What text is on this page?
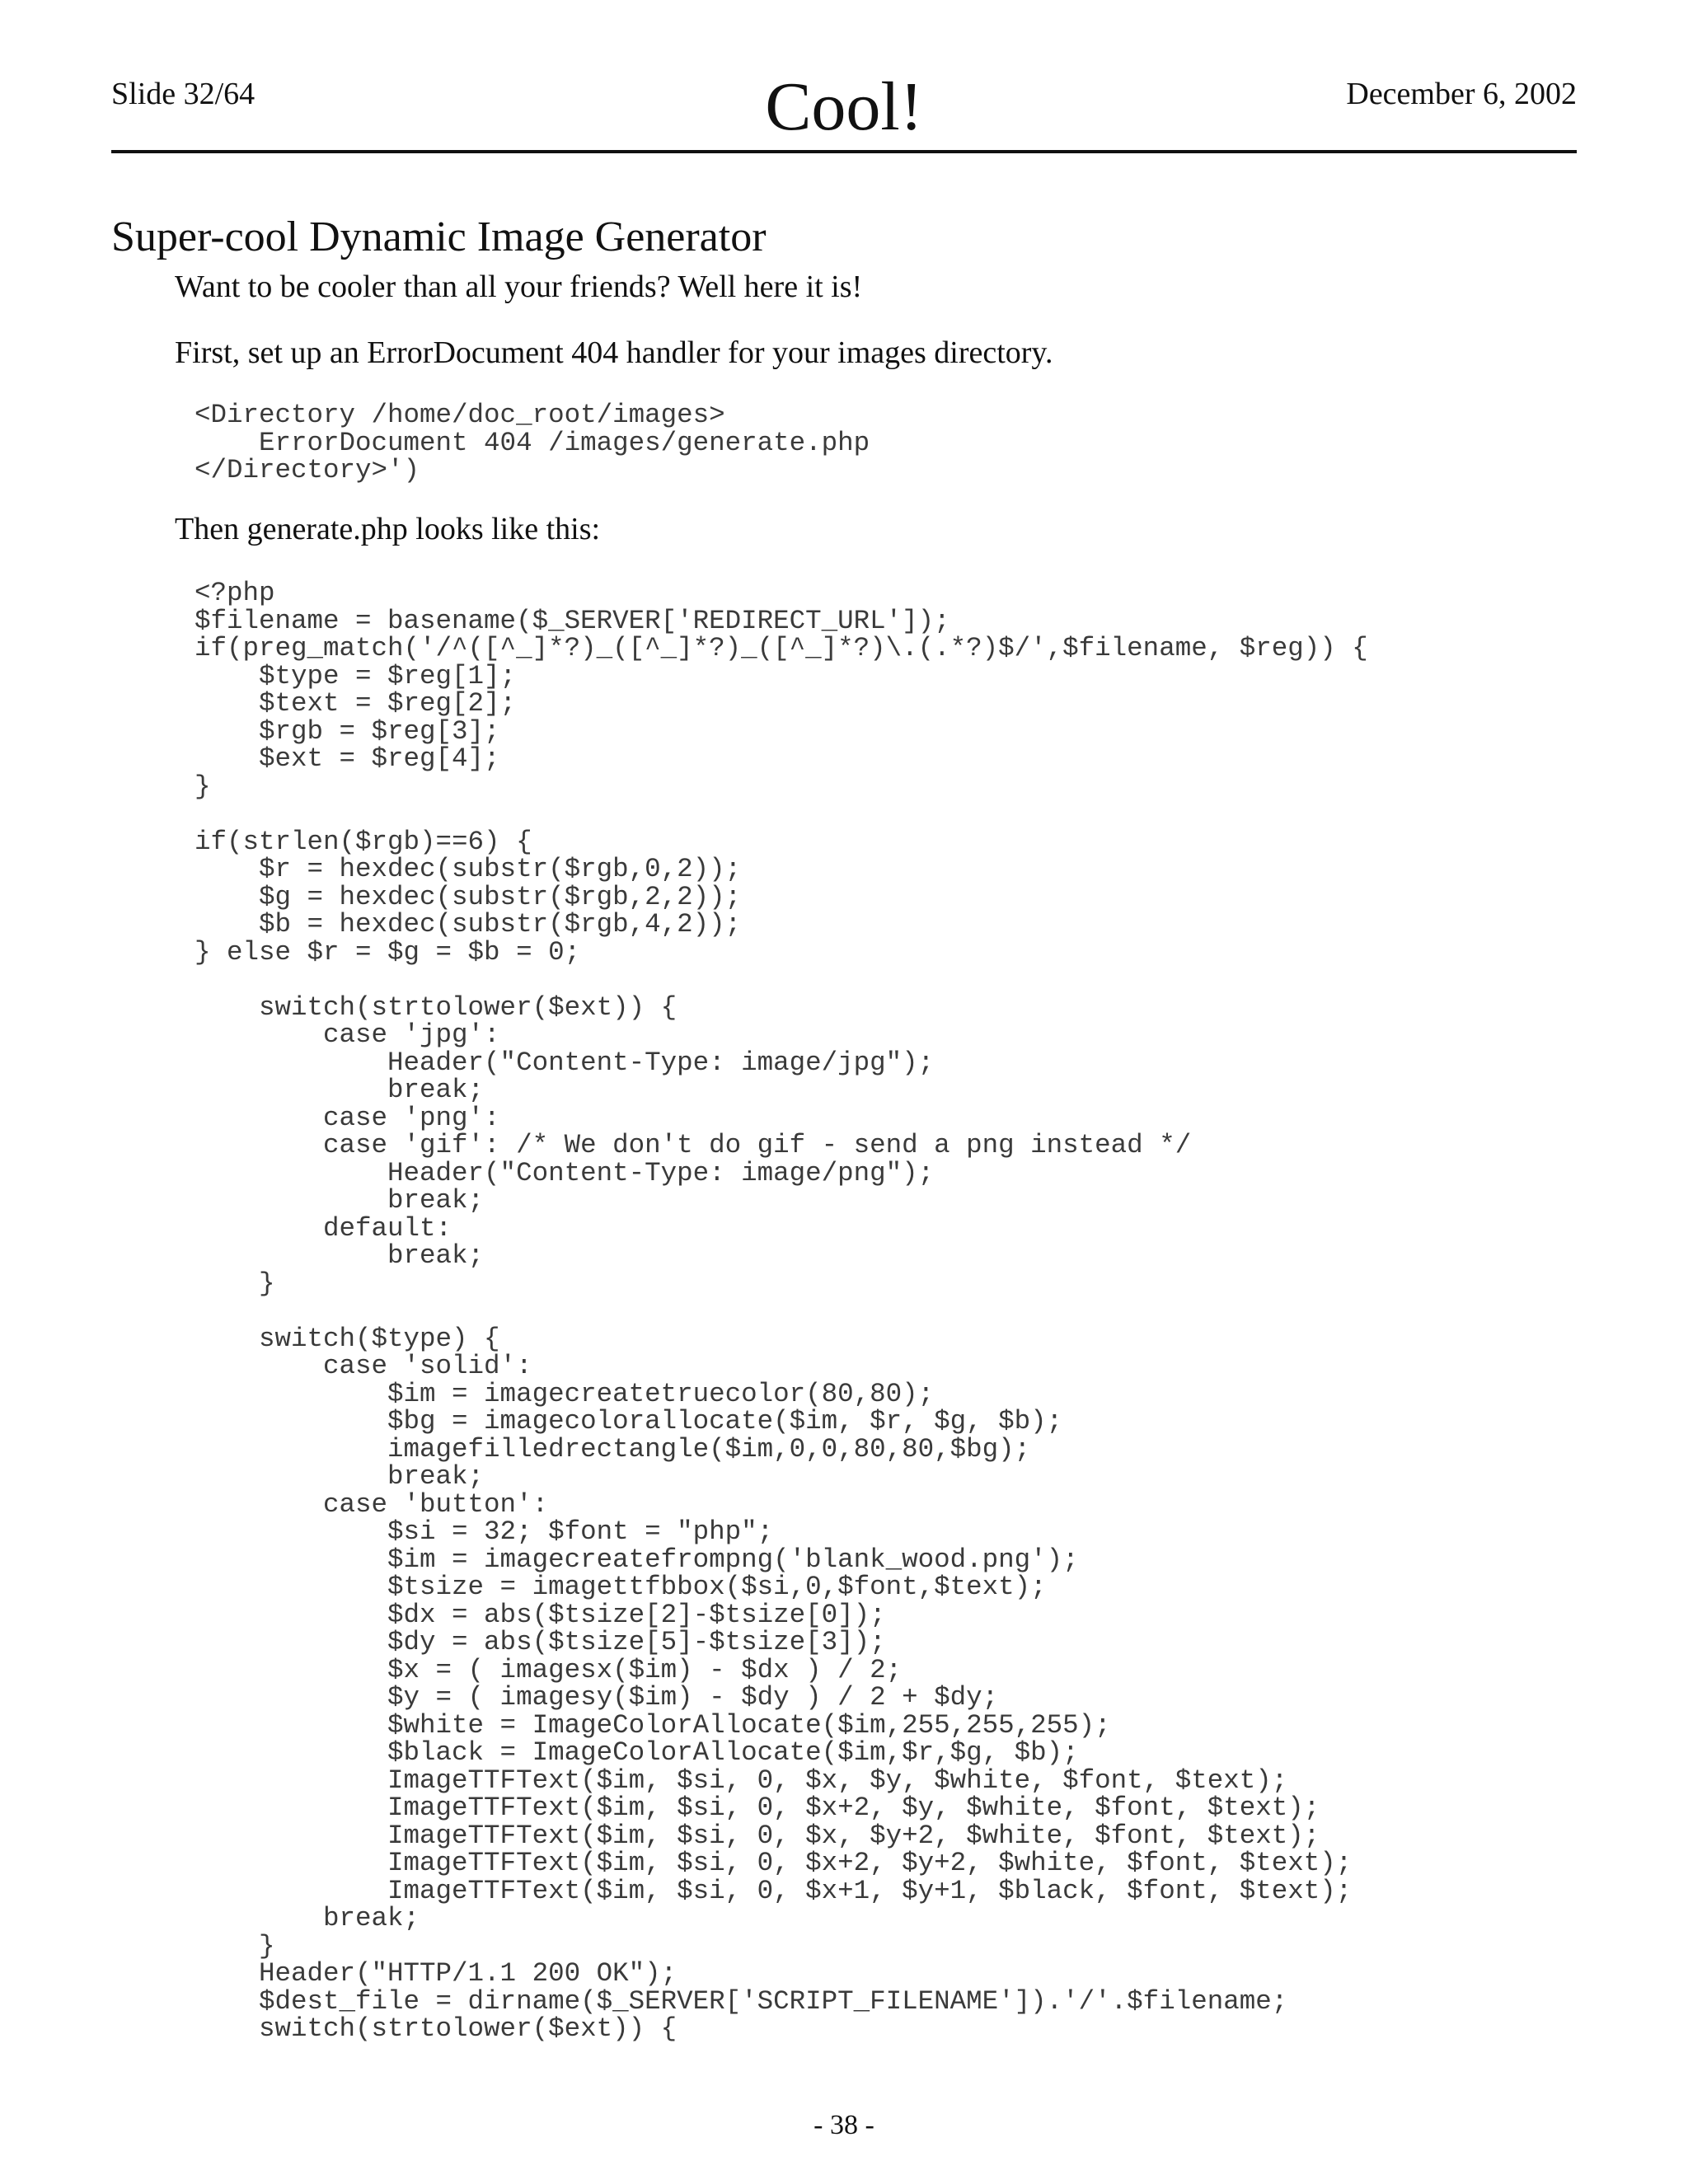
Slide 32/64	Cool!	December 6, 2002
Super-cool Dynamic Image Generator
Want to be cooler than all your friends? Well here it is!
First, set up an ErrorDocument 404 handler for your images directory.
<Directory /home/doc_root/images>
ErrorDocument 404 /images/generate.php
</Directory>')
Then generate.php looks like this:
<?php
$filename = basename($_SERVER['REDIRECT_URL']);
if(preg_match('/^([^_]*?)_([^_]*?)_([^_]*?)\.(.*?)$/',$filename, $reg)) {
$type = $reg[1];
$text = $reg[2];
$rgb = $reg[3];
$ext = $reg[4];
}

if(strlen($rgb)==6) {
$r = hexdec(substr($rgb,0,2));
$g = hexdec(substr($rgb,2,2));
$b = hexdec(substr($rgb,4,2));
} else $r = $g = $b = 0;

switch(strtolower($ext)) {
case 'jpg':
Header("Content-Type: image/jpg");
break;
case 'png':
case 'gif': /* We don't do gif - send a png instead */
Header("Content-Type: image/png");
break;
default:
break;
}

switch($type) {
case 'solid':
$im = imagecreatetruecolor(80,80);
$bg = imagecolorallocate($im, $r, $g, $b);
imagefilledrectangle($im,0,0,80,80,$bg);
break;
case 'button':
$si = 32; $font = "php";
$im = imagecreatefrompng('blank_wood.png');
$tsize = imagettfbbox($si,0,$font,$text);
$dx = abs($tsize[2]-$tsize[0]);
$dy = abs($tsize[5]-$tsize[3]);
$x = ( imagesx($im) - $dx ) / 2;
$y = ( imagesy($im) - $dy ) / 2 + $dy;
$white = ImageColorAllocate($im,255,255,255);
$black = ImageColorAllocate($im,$r,$g, $b);
ImageTTFText($im, $si, 0, $x, $y, $white, $font, $text);
ImageTTFText($im, $si, 0, $x+2, $y, $white, $font, $text);
ImageTTFText($im, $si, 0, $x, $y+2, $white, $font, $text);
ImageTTFText($im, $si, 0, $x+2, $y+2, $white, $font, $text);
ImageTTFText($im, $si, 0, $x+1, $y+1, $black, $font, $text);
break;
}
Header("HTTP/1.1 200 OK");
$dest_file = dirname($_SERVER['SCRIPT_FILENAME']).'/'.$filename;
switch(strtolower($ext)) {
- 38 -
